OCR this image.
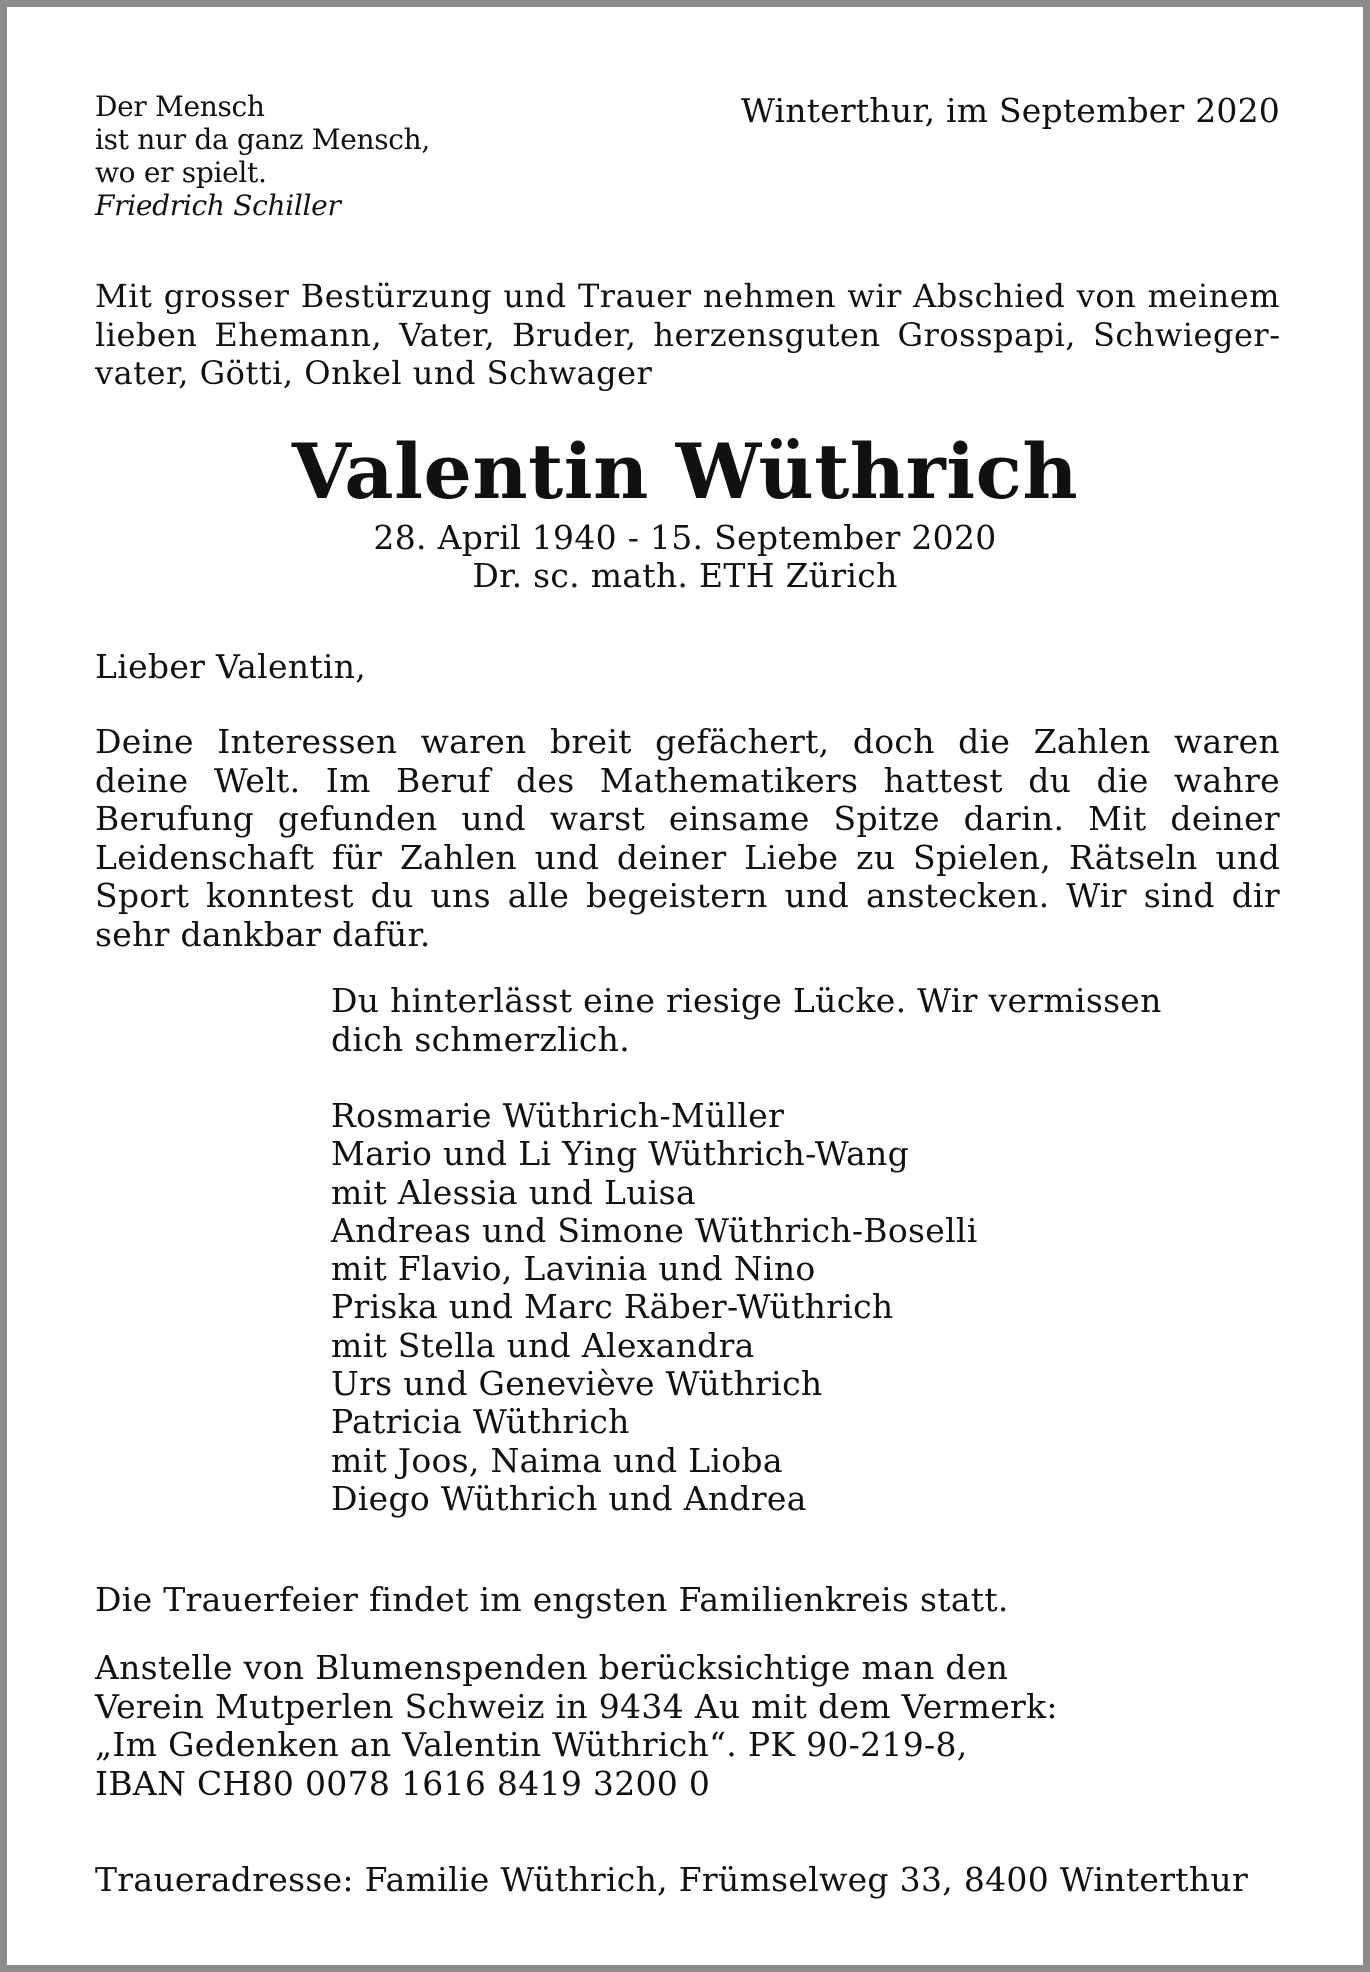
Der Mensch
ist nur da ganz Mensch,
wo er spielt.
Friedrich Schiller
Winterthur, im September 2020

Mit grosser Bestürzung und Trauer nehmen wir Abschied von meinem lieben Ehemann, Vater, Bruder, herzensguten Grosspapi, Schwiegervater, Götti, Onkel und Schwager

Valentin Wüthrich
28. April 1940 - 15. September 2020
Dr. sc. math. ETH Zürich
Lieber Valentin,

Deine Interessen waren breit gefächert, doch die Zahlen waren deine Welt. Im Beruf des Mathematikers hattest du die wahre Berufung gefunden und warst einsame Spitze darin. Mit deiner Leidenschaft für Zahlen und deiner Liebe zu Spielen, Rätseln und Sport konntest du uns alle begeistern und anstecken. Wir sind dir sehr dankbar dafür.

Du hinterlässt eine riesige Lücke. Wir vermissen dich schmerzlich.

Rosmarie Wüthrich-Müller
Mario und Li Ying Wüthrich-Wang
mit Alessia und Luisa
Andreas und Simone Wüthrich-Boselli
mit Flavio, Lavinia und Nino
Priska und Marc Räber-Wüthrich
mit Stella und Alexandra
Urs und Geneviève Wüthrich
Patricia Wüthrich
mit Joos, Naima und Lioba
Diego Wüthrich und Andrea
Die Trauerfeier findet im engsten Familienkreis statt.
Anstelle von Blumenspenden berücksichtige man den
Verein Mutperlen Schweiz in 9434 Au mit dem Vermerk:
„Im Gedenken an Valentin Wüthrich“. PK 90-219-8,
IBAN CH80 0078 1616 8419 3200 0
Traueradresse: Familie Wüthrich, Frümselweg 33, 8400 Winterthur
